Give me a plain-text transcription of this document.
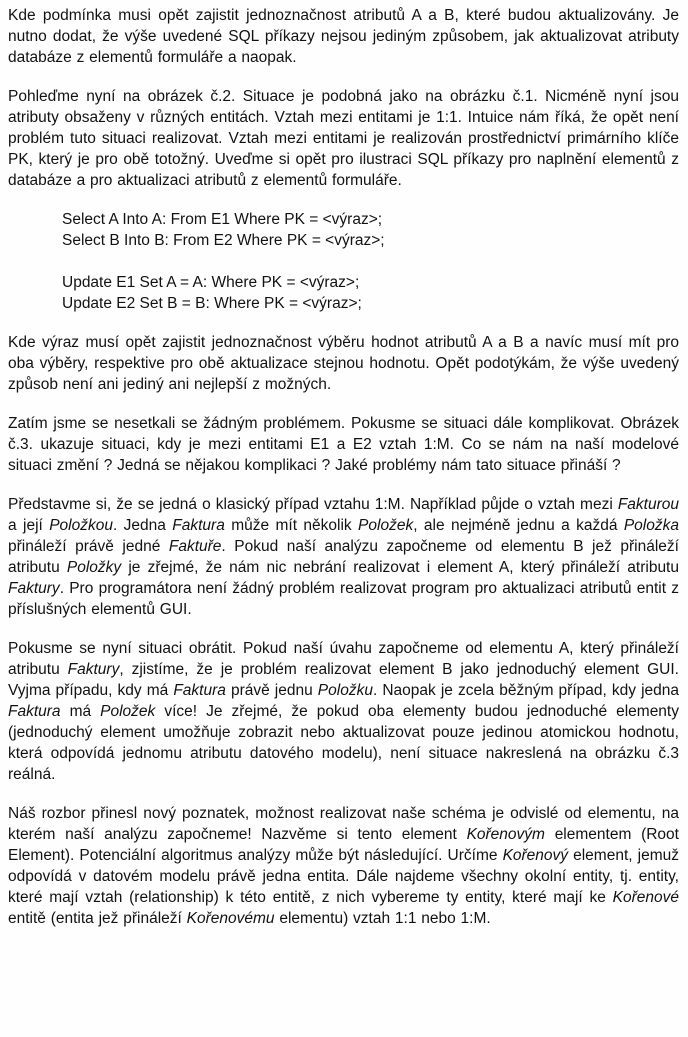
Kde podmínka musi opět zajistit jednoznačnost atributů A a B, které budou aktualizovány. Je nutno dodat, že výše uvedené SQL příkazy nejsou jediným způsobem, jak aktualizovat atributy databáze z elementů formuláře a naopak.

Pohleďme nyní na obrázek č.2. Situace je podobná jako na obrázku č.1. Nicméně nyní jsou atributy obsaženy v různých entitách. Vztah mezi entitami je 1:1. Intuice nám říká, že opět není problém tuto situaci realizovat. Vztah mezi entitami je realizován prostřednictví primárního klíče PK, který je pro obě totožný. Uveďme si opět pro ilustraci SQL příkazy pro naplnění elementů z databáze a pro aktualizaci atributů z elementů formuláře.

Select A Into A: From E1 Where PK = <výraz>;
Select B Into B: From E2 Where PK = <výraz>;

Update E1 Set A = A: Where PK = <výraz>;
Update E2 Set B = B: Where PK = <výraz>;

Kde výraz musí opět zajistit jednoznačnost výběru hodnot atributů A a B a navíc musí mít pro oba výběry, respektive pro obě aktualizace stejnou hodnotu. Opět podotýkám, že výše uvedený způsob není ani jediný ani nejlepší z možných.

Zatím jsme se nesetkali se žádným problémem. Pokusme se situaci dále komplikovat. Obrázek č.3. ukazuje situaci, kdy je mezi entitami E1 a E2 vztah 1:M. Co se nám na naší modelové situaci změní ? Jedná se nějakou komplikaci ? Jaké problémy nám tato situace přináší ?

Představme si, že se jedná o klasický případ vztahu 1:M. Například půjde o vztah mezi Fakturou a její Položkou. Jedna Faktura může mít několik Položek, ale nejméně jednu a každá Položka přináleží právě jedné Faktuře. Pokud naší analýzu započneme od elementu B jež přináleží atributu Položky je zřejmé, že nám nic nebrání realizovat i element A, který přináleží atributu Faktury. Pro programátora není žádný problém realizovat program pro aktualizaci atributů entit z příslušných elementů GUI.

Pokusme se nyní situaci obrátit. Pokud naší úvahu započneme od elementu A, který přináleží atributu Faktury, zjistíme, že je problém realizovat element B jako jednoduchý element GUI. Vyjma případu, kdy má Faktura právě jednu Položku. Naopak je zcela běžným případ, kdy jedna Faktura má Položek více! Je zřejmé, že pokud oba elementy budou jednoduché elementy (jednoduchý element umožňuje zobrazit nebo aktualizovat pouze jedinou atomickou hodnotu, která odpovídá jednomu atributu datového modelu), není situace nakreslená na obrázku č.3 reálná.

Náš rozbor přinesl nový poznatek, možnost realizovat naše schéma je odvislé od elementu, na kterém naší analýzu započneme! Nazvěme si tento element Kořenovým elementem (Root Element). Potenciální algoritmus analýzy může být následující. Určíme Kořenový element, jemuž odpovídá v datovém modelu právě jedna entita. Dále najdeme všechny okolní entity, tj. entity, které mají vztah (relationship) k této entitě, z nich vybereme ty entity, které mají ke Kořenové entitě (entita jež přináleží Kořenovému elementu) vztah 1:1 nebo 1:M.
